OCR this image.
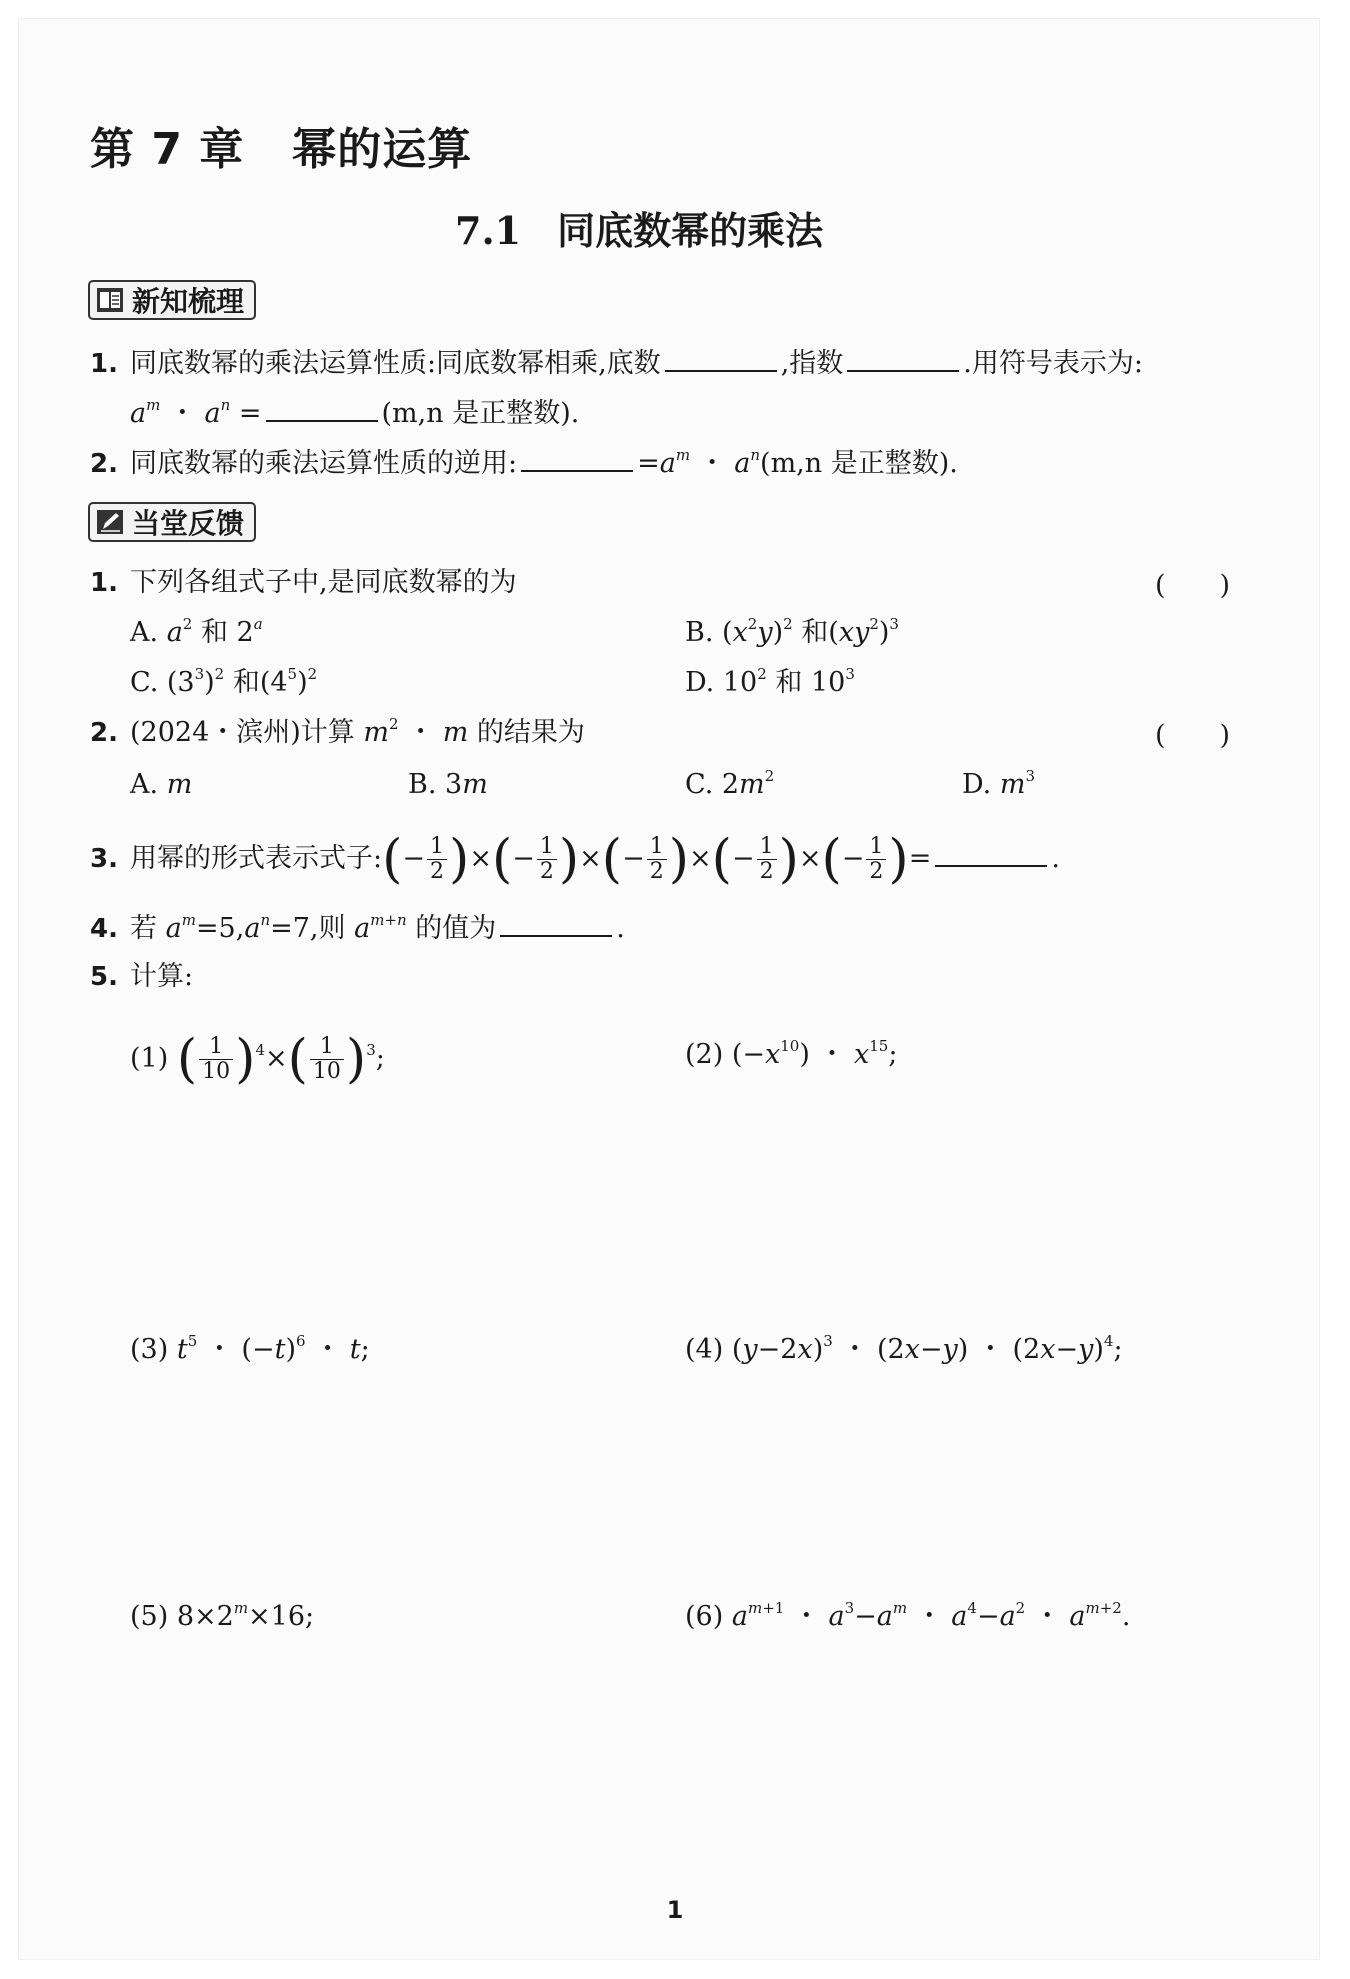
第 7 章 幂的运算
7.1 同底数幂的乘法
新知梳理
1. 同底数幂的乘法运算性质:同底数幂相乘,底数	,指数	.用符号表示为:
$a^m$ ・ $a^n$ =	(m,n 是正整数).
2. 同底数幂的乘法运算性质的逆用:	$=a^m$ ・ $a^n(m,n$ 是正整数).
当堂反馈
1. 下列各组式子中,是同底数幂的为	(　　)
A. $a^2$ 和 2$^a$	B. $(x^2y)^2$ 和$(xy^2)^3$
C. $(3^3)^2$ 和$(4^5)^2$	D. $10^2$ 和 $10^3$
2. (2024・滨州)计算 $m^2$ ・ m 的结果为	(　　)
A. m	B. 3m	C. $2m^2$	D. $m^3$
3. 用幂的形式表示式子:(− $\frac{1}{2}$ )×(− $\frac{1}{2}$ )×(− $\frac{1}{2}$ )×(− $\frac{1}{2}$ )×(− $\frac{1}{2}$ )=	.
4. 若 $a^m=5,a^n=7$,则 $a^{m+n}$ 的值为	.
5. 计算:
(1) ( $\frac{1}{10} )^4\times( \frac{1}{10} )^3$;	(2) $(-x^{10})$ ・ $x^{15}$;
(3) $t^5$ ・ $(-t)^6$ ・ t;	(4) $(y-2x)^3$ ・ (2x−y) ・ $(2x-y)^4$;
(5) $8\times 2^m\times 16$;	(6) $a^{m+1}$ ・ $a^3-a^m$ ・ $a^4-a^2$ ・ $a^{m+2}$.
1
